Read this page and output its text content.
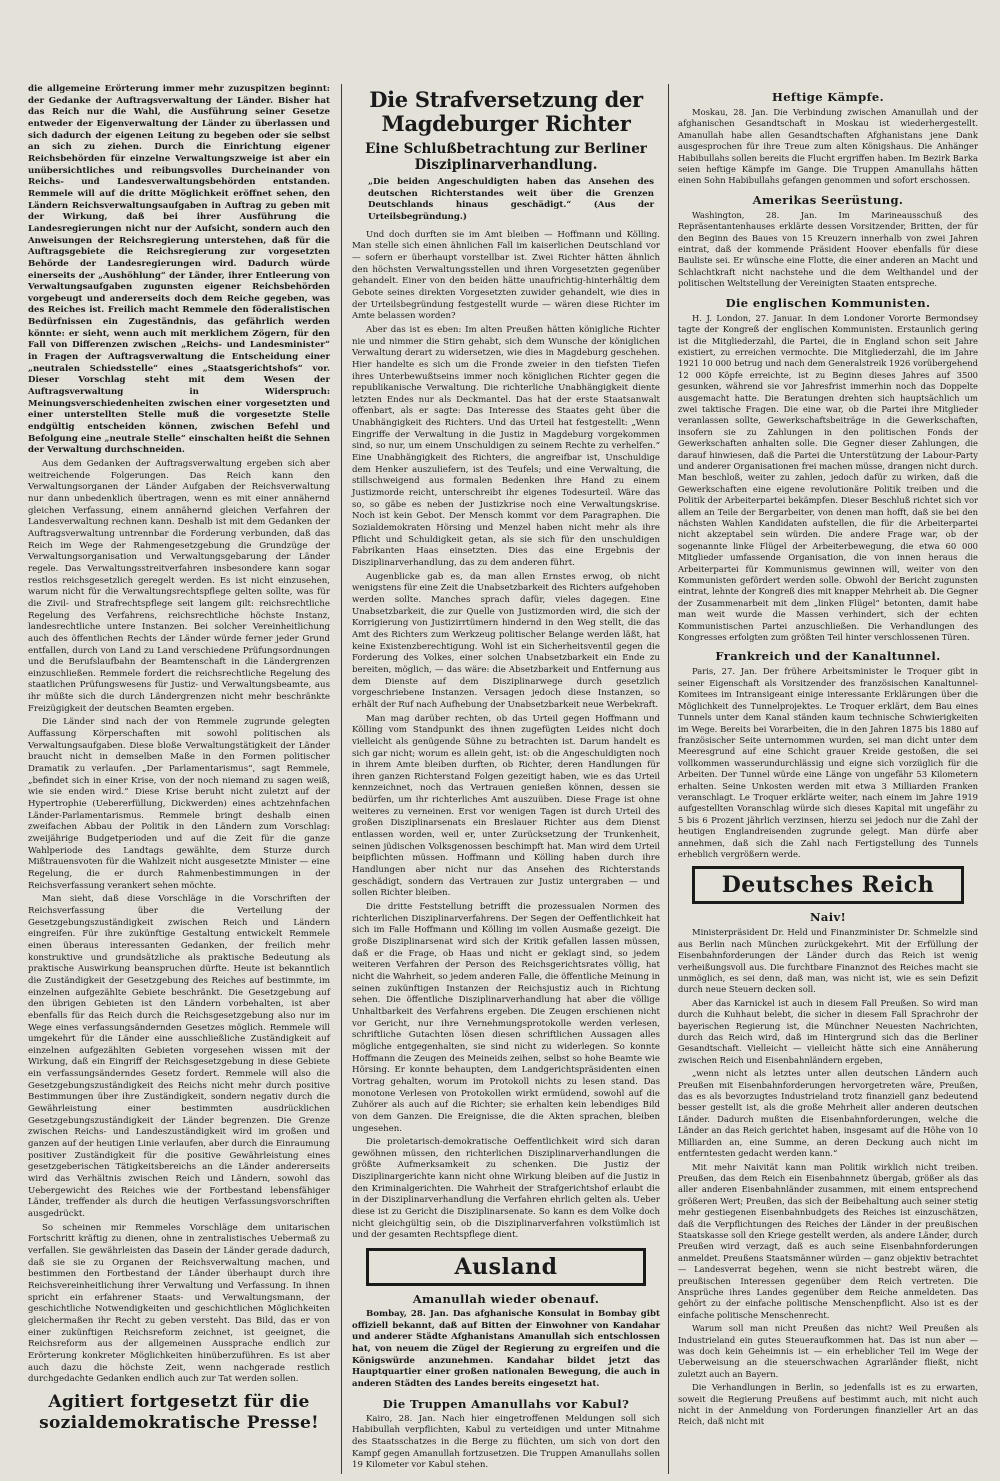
die allgemeine Erörterung immer mehr zuzuspitzen beginnt: der Gedanke der Auftragsverwaltung der Länder. Bisher hat das Reich nur die Wahl, die Ausführung seiner Gesetze entweder der Eigenverwaltung der Länder zu überlassen und sich dadurch der eigenen Leitung zu begeben oder sie selbst an sich zu ziehen. Durch die Einrichtung eigener Reichsbehörden für einzelne Verwaltungszweige ist aber ein unübersichtliches und reibungsvolles Durcheinander von Reichs- und Landesverwaltungsbehörden entstanden. Remmele will auf die dritte Möglichkeit eröffnet sehen, den Ländern Reichsverwaltungsaufgaben in Auftrag zu geben mit der Wirkung, daß bei ihrer Ausführung die Landesregierungen nicht nur der Aufsicht, sondern auch den Anweisungen der Reichsregierung unterstehen, daß für die Auftragsgebiete die Reichsregierung zur vorgesetzten Behörde der Landesregierungen wird. Dadurch würde einerseits der „Aushöhlung“ der Länder, ihrer Entleerung von Verwaltungsaufgaben zugunsten eigener Reichsbehörden vorgebeugt und andererseits doch dem Reiche gegeben, was des Reiches ist. Freilich macht Remmele den föderalistischen Bedürfnissen ein Zugeständnis, das gefährlich werden könnte: er sieht, wenn auch mit merklichem Zögern, für den Fall von Differenzen zwischen „Reichs- und Landesminister“ in Fragen der Auftragsverwaltung die Entscheidung einer „neutralen Schiedsstelle“ eines „Staatsgerichtshofs“ vor. Dieser Vorschlag steht mit dem Wesen der Auftragsverwaltung in Widerspruch: Meinungsverschiedenheiten zwischen einer vorgesetzten und einer unterstellten Stelle muß die vorgesetzte Stelle endgültig entscheiden können, zwischen Befehl und Befolgung eine „neutrale Stelle“ einschalten heißt die Sehnen der Verwaltung durchschneiden.

Aus dem Gedanken der Auftragsverwaltung ergeben sich aber weitreichende Folgerungen. Das Reich kann den Verwaltungsorganen der Länder Aufgaben der Reichsverwaltung nur dann unbedenklich übertragen, wenn es mit einer annähernd gleichen Verfassung, einem annähernd gleichen Verfahren der Landesverwaltung rechnen kann. Deshalb ist mit dem Gedanken der Auftragsverwaltung untrennbar die Forderung verbunden, daß das Reich im Wege der Rahmengesetzgebung die Grundzüge der Verwaltungsorganisation und Verwaltungsgebarung der Länder regele. Das Verwaltungsstreitverfahren insbesondere kann sogar restlos reichsgesetzlich geregelt werden. Es ist nicht einzusehen, warum nicht für die Verwaltungsrechtspflege gelten sollte, was für die Zivil- und Strafrechtspflege seit langem gilt: reichsrechtliche Regelung des Verfahrens, reichsrechtliche höchste Instanz, landesrechtliche untere Instanzen. Bei solcher Vereinheitlichung auch des öffentlichen Rechts der Länder würde ferner jeder Grund entfallen, durch von Land zu Land verschiedene Prüfungsordnungen und die Berufslaufbahn der Beamtenschaft in die Ländergrenzen einzuschließen. Remmele fordert die reichsrechtliche Regelung des staatlichen Prüfungswesens für Justiz- und Verwaltungsbeamte, aus ihr müßte sich die durch Ländergrenzen nicht mehr beschränkte Freizügigkeit der deutschen Beamten ergeben.

Die Länder sind nach der von Remmele zugrunde gelegten Auffassung Körperschaften mit sowohl politischen als Verwaltungsaufgaben. Diese bloße Verwaltungstätigkeit der Länder braucht nicht in demselben Maße in den Formen politischer Dramatik zu verlaufen. „Der Parlamentarismus“, sagt Remmele, „befindet sich in einer Krise, von der noch niemand zu sagen weiß, wie sie enden wird.“ Diese Krise beruht nicht zuletzt auf der Hypertrophie (Uebererfüllung, Dickwerden) eines achtzehnfachen Länder-Parlamentarismus. Remmele bringt deshalb einen zweifachen Abbau der Politik in den Ländern zum Vorschlag: zweijährige Budgetperioden und auf die Zeit für die ganze Wahlperiode des Landtags gewählte, dem Sturze durch Mißtrauensvoten für die Wahlzeit nicht ausgesetzte Minister — eine Regelung, die er durch Rahmenbestimmungen in der Reichsverfassung verankert sehen möchte.

Man sieht, daß diese Vorschläge in die Vorschriften der Reichsverfassung über die Verteilung der Gesetzgebungszuständigkeit zwischen Reich und Ländern eingreifen. Für ihre zukünftige Gestaltung entwickelt Remmele einen überaus interessanten Gedanken, der freilich mehr konstruktive und grundsätzliche als praktische Bedeutung als praktische Auswirkung beanspruchen dürfte. Heute ist bekanntlich die Zuständigkeit der Gesetzgebung des Reiches auf bestimmte, im einzelnen aufgezählte Gebiete beschränkt. Die Gesetzgebung auf den übrigen Gebieten ist den Ländern vorbehalten, ist aber ebenfalls für das Reich durch die Reichsgesetzgebung also nur im Wege eines verfassungsändernden Gesetzes möglich. Remmele will umgekehrt für die Länder eine ausschließliche Zuständigkeit auf einzelnen aufgezählten Gebieten vorgesehen wissen mit der Wirkung, daß ein Eingriff der Reichsgesetzgebung in diese Gebiete ein verfassungsänderndes Gesetz fordert. Remmele will also die Gesetzgebungszuständigkeit des Reichs nicht mehr durch positive Bestimmungen über ihre Zuständigkeit, sondern negativ durch die Gewährleistung einer bestimmten ausdrücklichen Gesetzgebungszuständigkeit der Länder begrenzen. Die Grenze zwischen Reichs- und Landeszuständigkeit wird im großen und ganzen auf der heutigen Linie verlaufen, aber durch die Einraumung positiver Zuständigkeit für die positive Gewährleistung eines gesetzgeberischen Tätigkeitsbereichs an die Länder andererseits wird das Verhältnis zwischen Reich und Ländern, sowohl das Uebergewicht des Reiches wie der Fortbestand lebensfähiger Länder, treffender als durch die heutigen Verfassungsvorschriften ausgedrückt.

So scheinen mir Remmeles Vorschläge dem unitarischen Fortschritt kräftig zu dienen, ohne in zentralistisches Uebermaß zu verfallen. Sie gewährleisten das Dasein der Länder gerade dadurch, daß sie sie zu Organen der Reichsverwaltung machen, und bestimmen den Fortbestand der Länder überhaupt durch ihre Reichsvereinheitlichung ihrer Verwaltung und Verfassung. In ihnen spricht ein erfahrener Staats- und Verwaltungsmann, der geschichtliche Notwendigkeiten und geschichtlichen Möglichkeiten gleichermaßen ihr Recht zu geben versteht. Das Bild, das er von einer zukünftigen Reichsreform zeichnet, ist geeignet, die Reichsreform aus der allgemeinen Aussprache endlich zur Erörterung konkreter Möglichkeiten hinüberzuführen. Es ist aber auch dazu die höchste Zeit, wenn nachgerade restlich durchgedachte Gedanken endlich auch zur Tat werden sollen.

Agitiert fortgesetzt für die sozialdemokratische Presse!

Die Strafversetzung der Magdeburger Richter
Eine Schlußbetrachtung zur Berliner Disziplinarverhandlung.

„Die beiden Angeschuldigten haben das Ansehen des deutschen Richterstandes weit über die Grenzen Deutschlands hinaus geschädigt.“ (Aus der Urteilsbegründung.)

Und doch durften sie im Amt bleiben — Hoffmann und Kölling. Man stelle sich einen ähnlichen Fall im kaiserlichen Deutschland vor — sofern er überhaupt vorstellbar ist. Zwei Richter hätten ähnlich den höchsten Verwaltungsstellen und ihren Vorgesetzten gegenüber gehandelt. Einer von den beiden hätte unaufrichtig-hinterhältig dem Gebote seines direkten Vorgesetzten zuwider gehandelt, wie dies in der Urteilsbegründung festgestellt wurde — wären diese Richter im Amte belassen worden?

Aber das ist es eben: Im alten Preußen hätten königliche Richter nie und nimmer die Stirn gehabt, sich dem Wunsche der königlichen Verwaltung derart zu widersetzen, wie dies in Magdeburg geschehen. Hier handelte es sich um die Fronde zweier in den tiefsten Tiefen ihres Unterbewußtseins immer noch königlichen Richter gegen die republikanische Verwaltung. Die richterliche Unabhängigkeit diente letzten Endes nur als Deckmantel. Das hat der erste Staatsanwalt offenbart, als er sagte: Das Interesse des Staates geht über die Unabhängigkeit des Richters. Und das Urteil hat festgestellt: „Wenn Eingriffe der Verwaltung in die Justiz in Magdeburg vorgekommen sind, so nur, um einem Unschuldigen zu seinem Rechte zu verhelfen.“ Eine Unabhängigkeit des Richters, die angreifbar ist, Unschuldige dem Henker auszuliefern, ist des Teufels; und eine Verwaltung, die stillschweigend aus formalen Bedenken ihre Hand zu einem Justizmorde reicht, unterschreibt ihr eigenes Todesurteil. Wäre das so, so gäbe es neben der Justizkrise noch eine Verwaltungskrise. Noch ist kein Gebot. Der Mensch kommt vor dem Paragraphen. Die Sozialdemokraten Hörsing und Menzel haben nicht mehr als ihre Pflicht und Schuldigkeit getan, als sie sich für den unschuldigen Fabrikanten Haas einsetzten. Dies das eine Ergebnis der Disziplinarverhandlung, das zu dem anderen führt.

Augenblicke gab es, da man allen Ernstes erwog, ob nicht wenigstens für eine Zeit die Unabsetzbarkeit des Richters aufgehoben werden sollte. Manches sprach dafür, vieles dagegen. Eine Unabsetzbarkeit, die zur Quelle von Justizmorden wird, die sich der Korrigierung von Justizirrtümern hindernd in den Weg stellt, die das Amt des Richters zum Werkzeug politischer Belange werden läßt, hat keine Existenzberechtigung. Wohl ist ein Sicherheitsventil gegen die Forderung des Volkes, einer solchen Unabsetzbarkeit ein Ende zu bereiten, möglich, — das wäre: die Absetzbarkeit und Entfernung aus dem Dienste auf dem Disziplinarwege durch gesetzlich vorgeschriebene Instanzen. Versagen jedoch diese Instanzen, so erhält der Ruf nach Aufhebung der Unabsetzbarkeit neue Werbekraft.

Man mag darüber rechten, ob das Urteil gegen Hoffmann und Kölling vom Standpunkt des ihnen zugefügten Leides nicht doch vielleicht als genügende Sühne zu betrachten ist. Darum handelt es sich gar nicht; worum es allein geht, ist: ob die Angeschuldigten noch in ihrem Amte bleiben durften, ob Richter, deren Handlungen für ihren ganzen Richterstand Folgen gezeitigt haben, wie es das Urteil kennzeichnet, noch das Vertrauen genießen können, dessen sie bedürfen, um ihr richterliches Amt auszuüben. Diese Frage ist ohne weiteres zu verneinen. Erst vor wenigen Tagen ist durch Urteil des großen Disziplinarsenats ein Breslauer Richter aus dem Dienst entlassen worden, weil er, unter Zurücksetzung der Trunkenheit, seinen jüdischen Volksgenossen beschimpft hat. Man wird dem Urteil beipflichten müssen. Hoffmann und Kölling haben durch ihre Handlungen aber nicht nur das Ansehen des Richterstands geschädigt, sondern das Vertrauen zur Justiz untergraben — und sollen Richter bleiben.

Die dritte Feststellung betrifft die prozessualen Normen des richterlichen Disziplinarverfahrens. Der Segen der Oeffentlichkeit hat sich im Falle Hoffmann und Kölling im vollen Ausmaße gezeigt. Die große Disziplinarsenat wird sich der Kritik gefallen lassen müssen, daß er die Frage, ob Haas und nicht er geklagt sind, so jedem weiteren Verfahren der Person des Reichsgerichtsrates völlig, hat nicht die Wahrheit, so jedem anderen Falle, die öffentliche Meinung in seinen zukünftigen Instanzen der Reichsjustiz auch in Richtung sehen. Die öffentliche Disziplinarverhandlung hat aber die völlige Unhaltbarkeit des Verfahrens ergeben. Die Zeugen erschienen nicht vor Gericht, nur ihre Vernehmungsprotokolle werden verlesen, schriftliche Gutachten lösen diesen schriftlichen Aussagen alles mögliche entgegenhalten, sie sind nicht zu widerlegen. So konnte Hoffmann die Zeugen des Meineids zeihen, selbst so hohe Beamte wie Hörsing. Er konnte behaupten, dem Landgerichtspräsidenten einen Vortrag gehalten, worum im Protokoll nichts zu lesen stand. Das monotone Verlesen von Protokollen wirkt ermüdend, sowohl auf die Zuhörer als auch auf die Richter; sie erhalten kein lebendiges Bild von dem Ganzen. Die Ereignisse, die die Akten sprachen, bleiben ungesehen.

Die proletarisch-demokratische Oeffentlichkeit wird sich daran gewöhnen müssen, den richterlichen Disziplinarverhandlungen die größte Aufmerksamkeit zu schenken. Die Justiz der Disziplinargerichte kann nicht ohne Wirkung bleiben auf die Justiz in den Kriminalgerichten. Die Wahrheit der Strafgerichtshof erlaubt die in der Disziplinarverhandlung die Verfahren ehrlich gelten als. Ueber diese ist zu Gericht die Disziplinarsenate. So kann es dem Volke doch nicht gleichgültig sein, ob die Disziplinarverfahren volkstümlich ist und der gesamten Rechtspflege dient.

Ausland
Amanullah wieder obenauf.

Bombay, 28. Jan. Das afghanische Konsulat in Bombay gibt offiziell bekannt, daß auf Bitten der Einwohner von Kandahar und anderer Städte Afghanistans Amanullah sich entschlossen hat, von neuem die Zügel der Regierung zu ergreifen und die Königswürde anzunehmen. Kandahar bildet jetzt das Hauptquartier einer großen nationalen Bewegung, die auch in anderen Städten des Landes bereits eingesetzt hat.

Die Truppen Amanullahs vor Kabul?

Kairo, 28. Jan. Nach hier eingetroffenen Meldungen soll sich Habibullah verpflichten, Kabul zu verteidigen und unter Mitnahme des Staatsschatzes in die Berge zu flüchten, um sich von dort den Kampf gegen Amanullah fortzusetzen. Die Truppen Amanullahs sollen 19 Kilometer vor Kabul stehen.

Heftige Kämpfe.

Moskau, 28. Jan. Die Verbindung zwischen Amanullah und der afghanischen Gesandtschaft in Moskau ist wiederhergestellt. Amanullah habe allen Gesandtschaften Afghanistans jene Dank ausgesprochen für ihre Treue zum alten Königshaus. Die Anhänger Habibullahs sollen bereits die Flucht ergriffen haben. Im Bezirk Barka seien heftige Kämpfe im Gange. Die Truppen Amanullahs hätten einen Sohn Habibullahs gefangen genommen und sofort erschossen.

Amerikas Seerüstung.

Washington, 28. Jan. Im Marineausschuß des Repräsentantenhauses erklärte dessen Vorsitzender, Britten, der für den Beginn des Baues von 15 Kreuzern innerhalb von zwei Jahren eintrat, daß der kommende Präsident Hoover ebenfalls für diese Bauliste sei. Er wünsche eine Flotte, die einer anderen an Macht und Schlachtkraft nicht nachstehe und die dem Welthandel und der politischen Weltstellung der Vereinigten Staaten entspreche.

Die englischen Kommunisten.

H. J. London, 27. Januar. In dem Londoner Vororte Bermondsey tagte der Kongreß der englischen Kommunisten. Erstaunlich gering ist die Mitgliederzahl, die Partei, die in England schon seit Jahre existiert, zu erreichen vermochte. Die Mitgliederzahl, die im Jahre 1921 10 000 betrug und nach dem Generalstreik 1926 vorübergehend 12 000 Köpfe erreichte, ist zu Beginn dieses Jahres auf 3500 gesunken, während sie vor Jahresfrist immerhin noch das Doppelte ausgemacht hatte. Die Beratungen drehten sich hauptsächlich um zwei taktische Fragen. Die eine war, ob die Partei ihre Mitglieder veranlassen sollte, Gewerkschaftsbeiträge in die Gewerkschaften, insofern sie zu Zahlungen in den politischen Fonds der Gewerkschaften anhalten solle. Die Gegner dieser Zahlungen, die darauf hinwiesen, daß die Partei die Unterstützung der Labour-Party und anderer Organisationen frei machen müsse, drangen nicht durch. Man beschloß, weiter zu zahlen, jedoch dafür zu wirken, daß die Gewerkschaften eine eigene revolutionäre Politik treiben und die Politik der Arbeiterpartei bekämpfen. Dieser Beschluß richtet sich vor allem an Teile der Bergarbeiter, von denen man hofft, daß sie bei den nächsten Wahlen Kandidaten aufstellen, die für die Arbeiterpartei nicht akzeptabel sein würden. Die andere Frage war, ob der sogenannte linke Flügel der Arbeiterbewegung, die etwa 60 000 Mitglieder umfassende Organisation, die von innen heraus die Arbeiterpartei für Kommunismus gewinnen will, weiter von den Kommunisten gefördert werden solle. Obwohl der Bericht zugunsten eintrat, lehnte der Kongreß dies mit knapper Mehrheit ab. Die Gegner der Zusammenarbeit mit dem „linken Flügel“ betonten, damit habe man weit wurde die Massen verhindert, sich der echten Kommunistischen Partei anzuschließen. Die Verhandlungen des Kongresses erfolgten zum größten Teil hinter verschlossenen Türen.

Frankreich und der Kanaltunnel.

Paris, 27. Jan. Der frühere Arbeitsminister le Troquer gibt in seiner Eigenschaft als Vorsitzender des französischen Kanaltunnel-Komitees im Intransigeant einige interessante Erklärungen über die Möglichkeit des Tunnelprojektes. Le Troquer erklärt, dem Bau eines Tunnels unter dem Kanal ständen kaum technische Schwierigkeiten im Wege. Bereits bei Vorarbeiten, die in den Jahren 1875 bis 1880 auf französischer Seite unternommen wurden, sei man dicht unter dem Meeresgrund auf eine Schicht grauer Kreide gestoßen, die sei vollkommen wasserundurchlässig und eigne sich vorzüglich für die Arbeiten. Der Tunnel würde eine Länge von ungefähr 53 Kilometern erhalten. Seine Unkosten werden mit etwa 3 Milliarden Franken veranschlagt. Le Troquer erklärte weiter, nach einem im Jahre 1919 aufgestellten Voranschlag würde sich dieses Kapital mit ungefähr zu 5 bis 6 Prozent jährlich verzinsen, hierzu sei jedoch nur die Zahl der heutigen Englandreisenden zugrunde gelegt. Man dürfe aber annehmen, daß sich die Zahl nach Fertigstellung des Tunnels erheblich vergrößern werde.

Deutsches Reich
Naiv!

Ministerpräsident Dr. Held und Finanzminister Dr. Schmelzle sind aus Berlin nach München zurückgekehrt. Mit der Erfüllung der Eisenbahnforderungen der Länder durch das Reich ist wenig verheißungsvoll aus. Die furchtbare Finanznot des Reiches macht sie unmöglich, es sei denn, daß man, was nicht ist, wie es sein Defizit durch neue Steuern decken soll.

Aber das Karnickel ist auch in diesem Fall Preußen. So wird man durch die Kuhhaut belebt, die sicher in diesem Fall Sprachrohr der bayerischen Regierung ist, die Münchner Neuesten Nachrichten, durch das Reich wird, daß im Hintergrund sich das die Berliner Gesandtschaft. Vielleicht — vielleicht hätte sich eine Annäherung zwischen Reich und Eisenbahnländern ergeben,

„wenn nicht als letztes unter allen deutschen Ländern auch Preußen mit Eisenbahnforderungen hervorgetreten wäre, Preußen, das es als bevorzugtes Industrieland trotz finanziell ganz bedeutend besser gestellt ist, als die große Mehrheit aller anderen deutschen Länder. Dadurch mußten die Eisenbahnforderungen, welche die Länder an das Reich gerichtet haben, insgesamt auf die Höhe von 10 Milliarden an, eine Summe, an deren Deckung auch nicht im entferntesten gedacht werden kann.“

Mit mehr Naivität kann man Politik wirklich nicht treiben. Preußen, das dem Reich ein Eisenbahnnetz übergab, größer als das aller anderen Eisenbahnländer zusammen, mit einem entsprechend größeren Wert; Preußen, das sich der Beibehaltung auch seiner stetig mehr gestiegenen Eisenbahnbudgets des Reiches ist einzuschätzen, daß die Verpflichtungen des Reiches der Länder in der preußischen Staatskasse soll den Kriege gestellt werden, als andere Länder, durch Preußen wird verzagt, daß es auch seine Eisenbahnforderungen anmeldet. Preußens Staatsmänner würden — ganz objektiv betrachtet — Landesverrat begehen, wenn sie nicht bestrebt wären, die preußischen Interessen gegenüber dem Reich vertreten. Die Ansprüche ihres Landes gegenüber dem Reiche anmeldeten. Das gehört zu der einfache politische Menschenpflicht. Also ist es der einfache politische Menschenrecht.

Warum soll man nicht Preußen das nicht? Weil Preußen als Industrieland ein gutes Steueraufkommen hat. Das ist nun aber — was doch kein Geheimnis ist — ein erheblicher Teil im Wege der Ueberweisung an die steuerschwachen Agrarländer fließt, nicht zuletzt auch an Bayern.

Die Verhandlungen in Berlin, so jedenfalls ist es zu erwarten, soweit die Regierung Preußens auf bestimmt auch, mit nicht auch nicht in der Anmeldung von Forderungen finanzieller Art an das Reich, daß nicht mit
